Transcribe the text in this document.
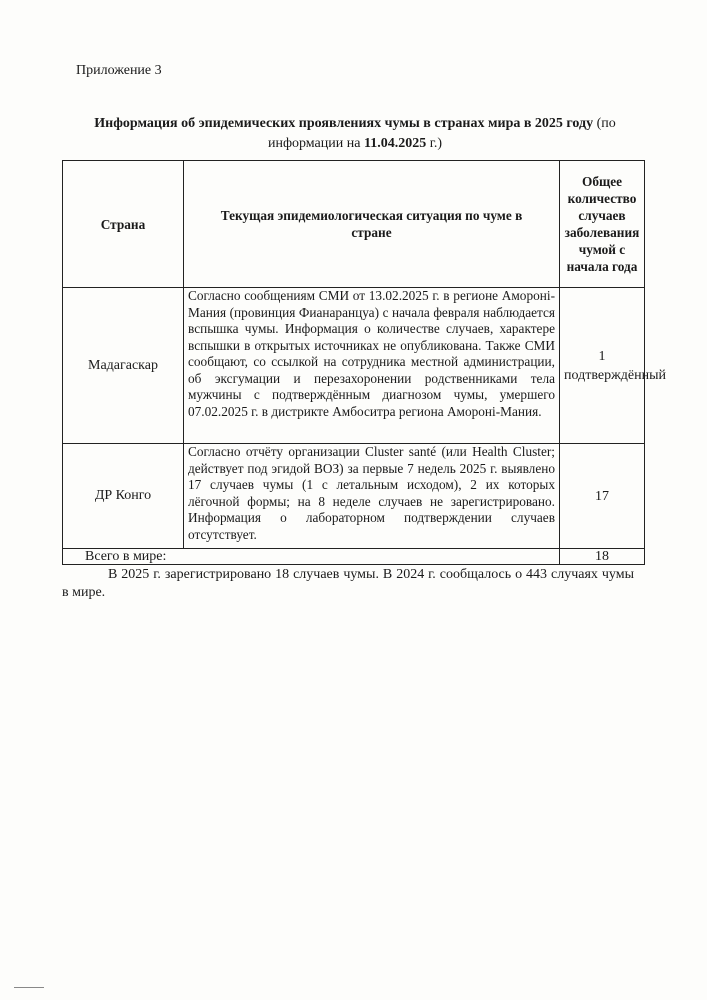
Приложение 3
Информация об эпидемических проявлениях чумы в странах мира в 2025 году (по информации на 11.04.2025 г.)
Страна	Текущая эпидемиологическая ситуация по чуме в стране	Общее количество случаев заболевания чумой с начала года
Мадагаскар	Согласно сообщениям СМИ от 13.02.2025 г. в регионе Амороні-Мания (провинция Фианаранцуа) с начала февраля наблюдается вспышка чумы. Информация о количестве случаев, характере вспышки в открытых источниках не опубликована. Также СМИ сообщают, со ссылкой на сотрудника местной администрации, об эксгумации и перезахоронении родственниками тела мужчины с подтверждённым диагнозом чумы, умершего 07.02.2025 г. в дистрикте Амбоситра региона Амороні-Мания.	1 подтверждённый
ДР Конго	Согласно отчёту организации Cluster santé (или Health Cluster; действует под эгидой ВОЗ) за первые 7 недель 2025 г. выявлено 17 случаев чумы (1 с летальным исходом), 2 их которых лёгочной формы; на 8 неделе случаев не зарегистрировано. Информация о лабораторном подтверждении случаев отсутствует.	17
Всего в мире:		18
В 2025 г. зарегистрировано 18 случаев чумы. В 2024 г. сообщалось о 443 случаях чумы в мире.
